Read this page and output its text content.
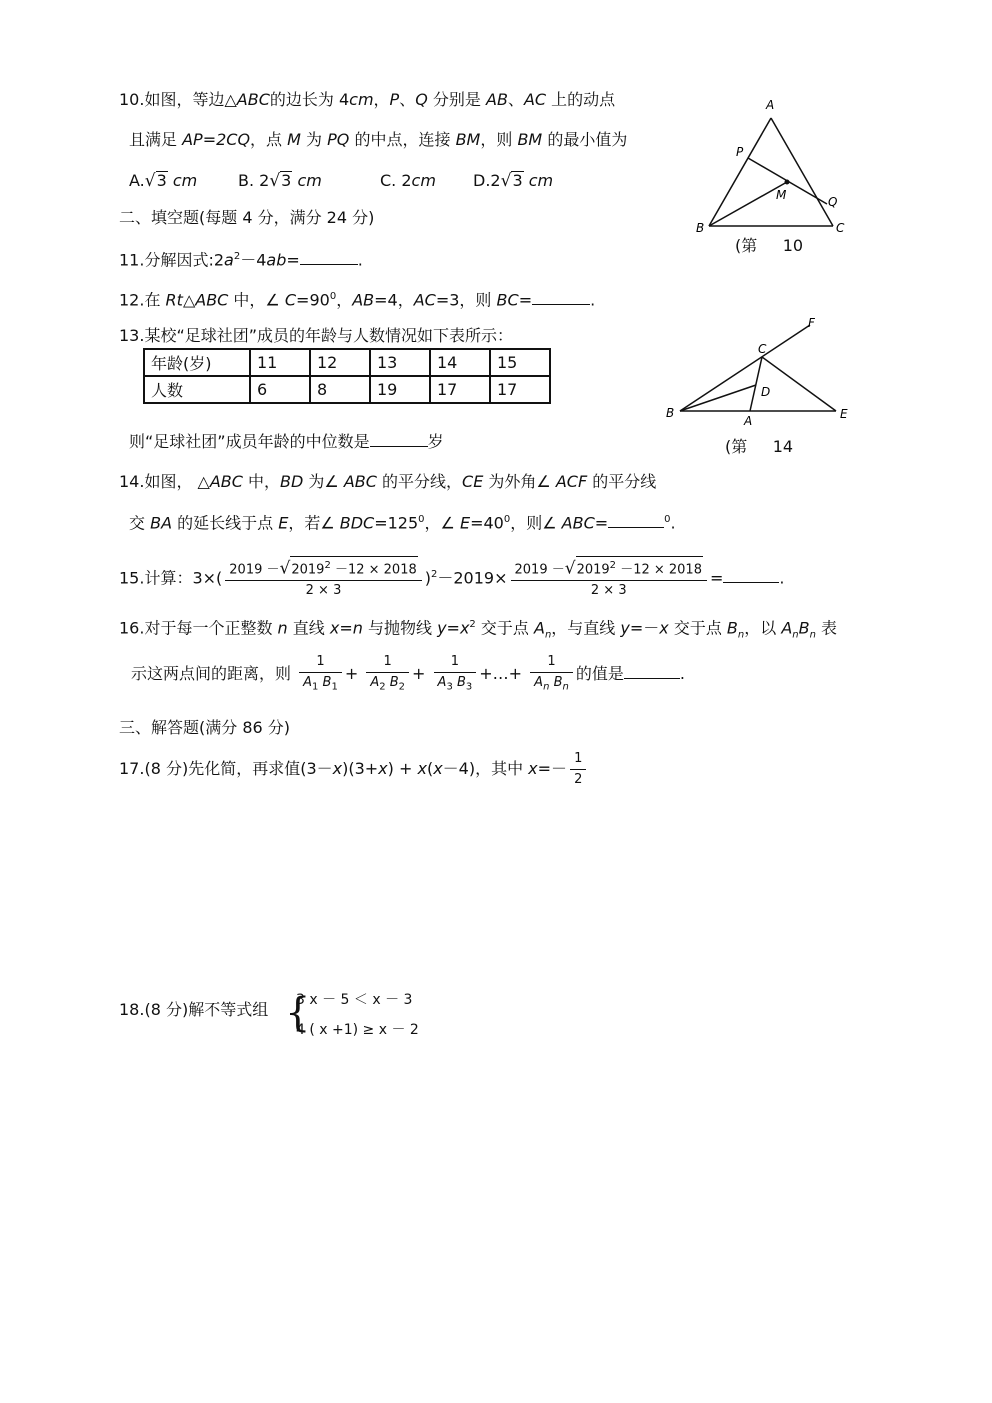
10.如图，等边△ABC的边长为 4cm，P、Q 分别是 AB、AC 上的动点
且满足 AP=2CQ，点 M 为 PQ 的中点，连接 BM，则 BM 的最小值为
A.√3 cm	B. 2√3 cm	C. 2cm D.2√3 cm
A
P
M	Q
B	C
(第 10
二、填空题(每题 4 分，满分 24 分)
11.分解因式$:2a^2-4ab=$	.
12.在 Rt△ABC 中，∠ $C=90^0$，AB=4，AC=3，则 BC=	.
13.某校“足球社团”成员的年龄与人数情况如下表所示：
年龄(岁)	11	12	13	14	15
人数	6	8	19	17	17
则“足球社团”成员年龄的中位数是	岁
F
C
D
B
A	E
(第 14
14.如图， △ABC 中，BD 为∠ ABC 的平分线，CE 为外角∠ ACF 的平分线
交 BA 的延长线于点 E，若∠ $BDC=125^0$，∠ $E=40^0$，则∠ ABC=	$^0$.
15.计算：$3\times( \frac{2019 -√2019^2 -12 \times 2018}{2 \times 3} )^2-2019\times \frac{2019 -√2019^2 -12 \times 2018}{2 \times 3}$ =	.
16.对于每一个正整数 n 直线 x=n 与抛物线 $y=x^2$ 交于点 $A_n$，与直线 y=－x 交于点 $B_n$，以 $A_nB_n$ 表
示这两点间的距离，则 $\frac{1}{A_1 B_1} + \frac{1}{A_2 B_2} + \frac{1}{A_3 B_3}$ +…+ $\frac{1}{A_n B_n}$ 的值是	.
三、解答题(满分 86 分)
17.(8 分)先化简，再求值(3－x)(3+x) + x(x－4)，其中 $x=- \frac{1}{2}$
18.(8 分)解不等式组 {
3 x － 5 ＜ x － 3
4 ( x +1) ≥ x － 2
